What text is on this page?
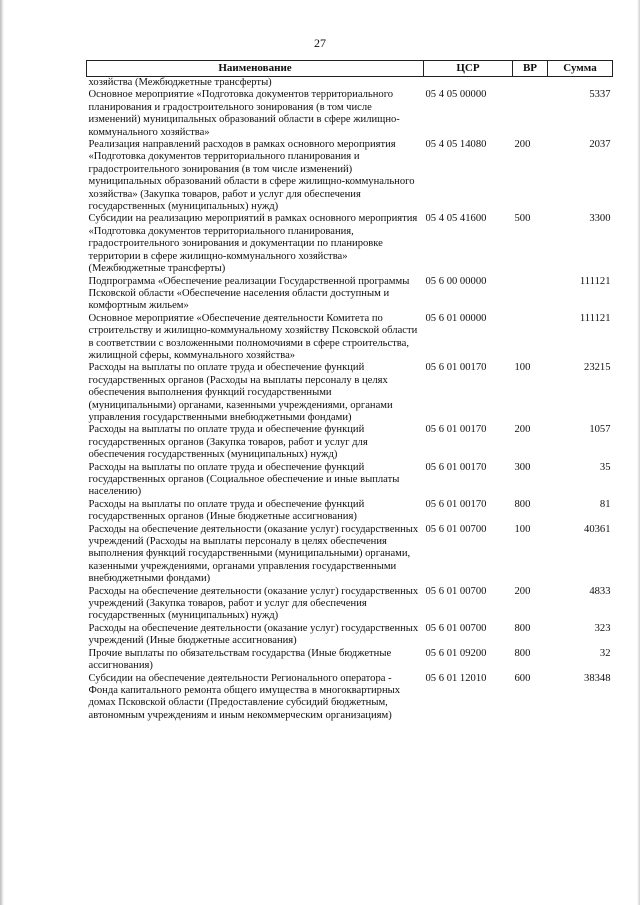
27
Наименование	ЦСР	ВР	Сумма
хозяйства (Межбюджетные трансферты)			
Основное мероприятие «Подготовка документов территориального планирования и градостроительного зонирования (в том числе изменений) муниципальных образований области в сфере жилищно-коммунального хозяйства»	05 4 05 00000		5337
Реализация направлений расходов в рамках основного мероприятия «Подготовка документов территориального планирования и градостроительного зонирования (в том числе изменений) муниципальных образований области в сфере жилищно-коммунального хозяйства» (Закупка товаров, работ и услуг для обеспечения государственных (муниципальных) нужд)	05 4 05 14080	200	2037
Субсидии на реализацию мероприятий в рамках основного мероприятия «Подготовка документов территориального планирования, градостроительного зонирования и документации по планировке территории в сфере жилищно-коммунального хозяйства» (Межбюджетные трансферты)	05 4 05 41600	500	3300
Подпрограмма «Обеспечение реализации Государственной программы Псковской области «Обеспечение населения области доступным и комфортным жильем»	05 6 00 00000		111121
Основное мероприятие «Обеспечение деятельности Комитета по строительству и жилищно-коммунальному хозяйству Псковской области в соответствии с возложенными полномочиями в сфере строительства, жилищной сферы, коммунального хозяйства»	05 6 01 00000		111121
Расходы на выплаты по оплате труда и обеспечение функций государственных органов (Расходы на выплаты персоналу в целях обеспечения выполнения функций государственными (муниципальными) органами, казенными учреждениями, органами управления государственными внебюджетными фондами)	05 6 01 00170	100	23215
Расходы на выплаты по оплате труда и обеспечение функций государственных органов (Закупка товаров, работ и услуг для обеспечения государственных (муниципальных) нужд)	05 6 01 00170	200	1057
Расходы на выплаты по оплате труда и обеспечение функций государственных органов (Социальное обеспечение и иные выплаты населению)	05 6 01 00170	300	35
Расходы на выплаты по оплате труда и обеспечение функций государственных органов (Иные бюджетные ассигнования)	05 6 01 00170	800	81
Расходы на обеспечение деятельности (оказание услуг) государственных учреждений (Расходы на выплаты персоналу в целях обеспечения выполнения функций государственными (муниципальными) органами, казенными учреждениями, органами управления государственными внебюджетными фондами)	05 6 01 00700	100	40361
Расходы на обеспечение деятельности (оказание услуг) государственных учреждений (Закупка товаров, работ и услуг для обеспечения государственных (муниципальных) нужд)	05 6 01 00700	200	4833
Расходы на обеспечение деятельности (оказание услуг) государственных учреждений (Иные бюджетные ассигнования)	05 6 01 00700	800	323
Прочие выплаты по обязательствам государства (Иные бюджетные ассигнования)	05 6 01 09200	800	32
Субсидии на обеспечение деятельности Регионального оператора - Фонда капитального ремонта общего имущества в многоквартирных домах Псковской области (Предоставление субсидий бюджетным, автономным учреждениям и иным некоммерческим организациям)	05 6 01 12010	600	38348
